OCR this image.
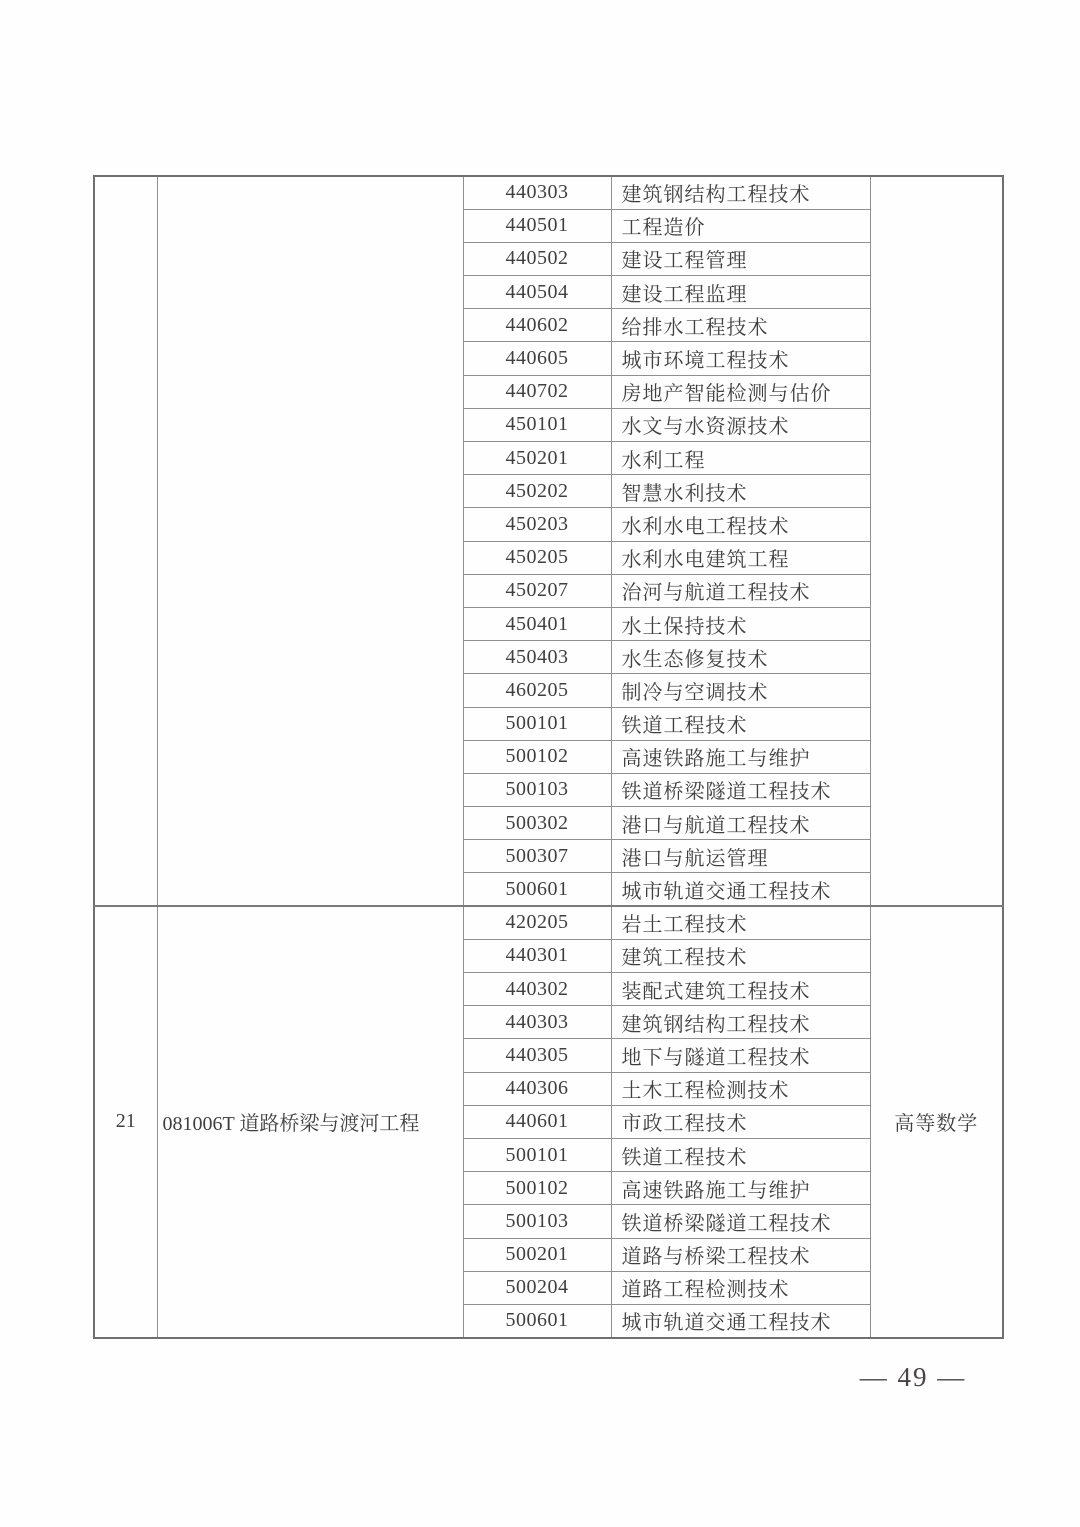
		440303	建筑钢结构工程技术	
		440501	工程造价	
		440502	建设工程管理	
		440504	建设工程监理	
		440602	给排水工程技术	
		440605	城市环境工程技术	
		440702	房地产智能检测与估价	
		450101	水文与水资源技术	
		450201	水利工程	
		450202	智慧水利技术	
		450203	水利水电工程技术	
		450205	水利水电建筑工程	
		450207	治河与航道工程技术	
		450401	水土保持技术	
		450403	水生态修复技术	
		460205	制冷与空调技术	
		500101	铁道工程技术	
		500102	高速铁路施工与维护	
		500103	铁道桥梁隧道工程技术	
		500302	港口与航道工程技术	
		500307	港口与航运管理	
		500601	城市轨道交通工程技术	
21	081006T 道路桥梁与渡河工程	420205	岩土工程技术	高等数学
		440301	建筑工程技术	
		440302	装配式建筑工程技术	
		440303	建筑钢结构工程技术	
		440305	地下与隧道工程技术	
		440306	土木工程检测技术	
		440601	市政工程技术	
		500101	铁道工程技术	
		500102	高速铁路施工与维护	
		500103	铁道桥梁隧道工程技术	
		500201	道路与桥梁工程技术	
		500204	道路工程检测技术	
		500601	城市轨道交通工程技术	
— 49 —
